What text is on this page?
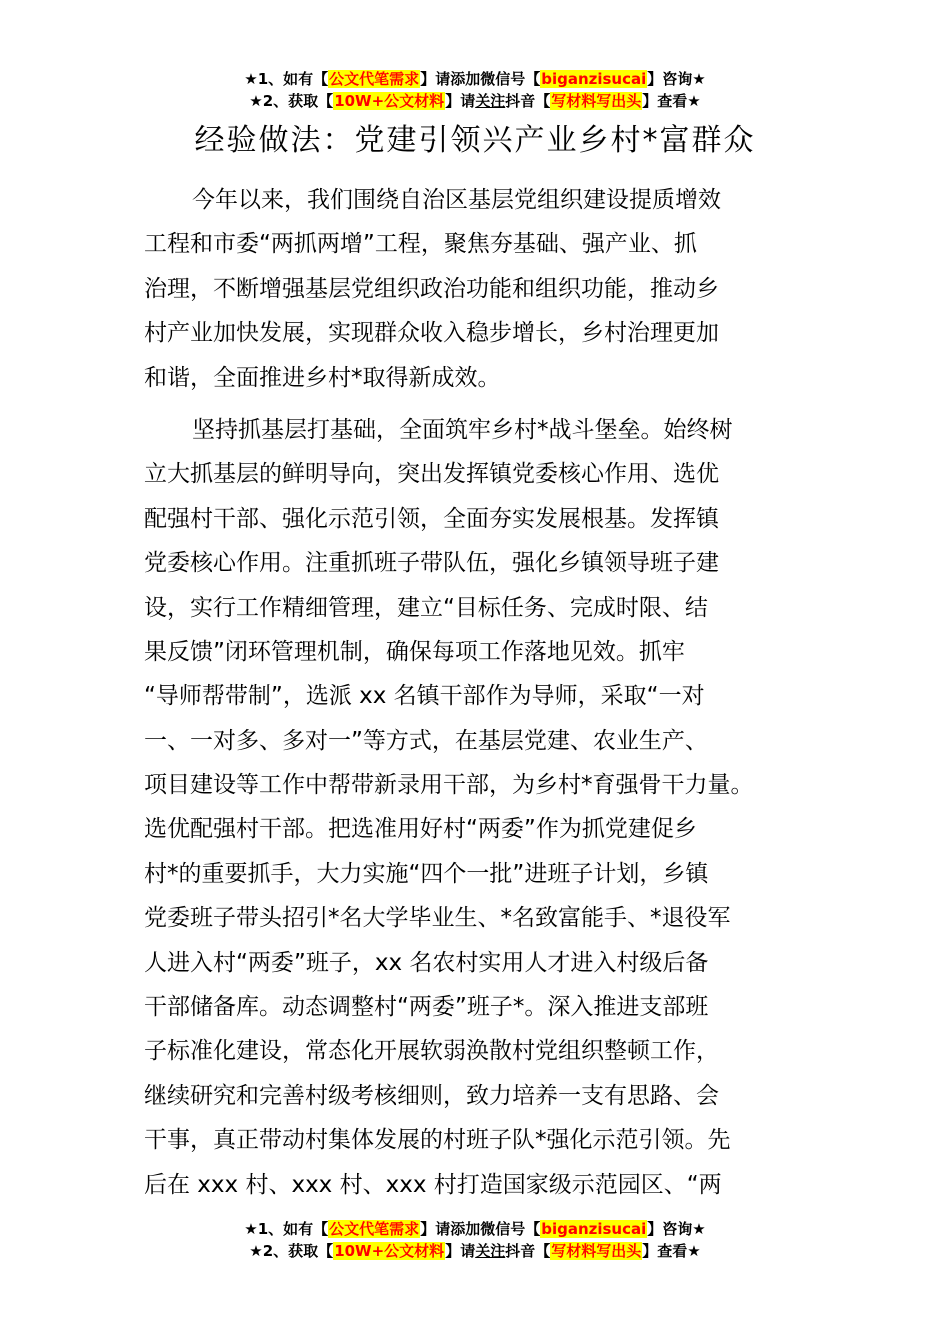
★1、如有【公文代笔需求】请添加微信号【biganzisucai】咨询★
★2、获取【10W+公文材料】请关注抖音【写材料写出头】查看★
经验做法：党建引领兴产业乡村*富群众
今年以来，我们围绕自治区基层党组织建设提质增效
工程和市委“两抓两增”工程，聚焦夯基础、强产业、抓
治理，不断增强基层党组织政治功能和组织功能，推动乡
村产业加快发展，实现群众收入稳步增长，乡村治理更加
和谐，全面推进乡村*取得新成效。
坚持抓基层打基础，全面筑牢乡村*战斗堡垒。始终树
立大抓基层的鲜明导向，突出发挥镇党委核心作用、选优
配强村干部、强化示范引领，全面夯实发展根基。发挥镇
党委核心作用。注重抓班子带队伍，强化乡镇领导班子建
设，实行工作精细管理，建立“目标任务、完成时限、结
果反馈”闭环管理机制，确保每项工作落地见效。抓牢
“导师帮带制”，选派 xx 名镇干部作为导师，采取“一对
一、一对多、多对一”等方式，在基层党建、农业生产、
项目建设等工作中帮带新录用干部，为乡村*育强骨干力量。
选优配强村干部。把选准用好村“两委”作为抓党建促乡
村*的重要抓手，大力实施“四个一批”进班子计划，乡镇
党委班子带头招引*名大学毕业生、*名致富能手、*退役军
人进入村“两委”班子，xx 名农村实用人才进入村级后备
干部储备库。动态调整村“两委”班子*。深入推进支部班
子标准化建设，常态化开展软弱涣散村党组织整顿工作，
继续研究和完善村级考核细则，致力培养一支有思路、会
干事，真正带动村集体发展的村班子队*强化示范引领。先
后在 xxx 村、xxx 村、xxx 村打造国家级示范园区、“两
★1、如有【公文代笔需求】请添加微信号【biganzisucai】咨询★
★2、获取【10W+公文材料】请关注抖音【写材料写出头】查看★
